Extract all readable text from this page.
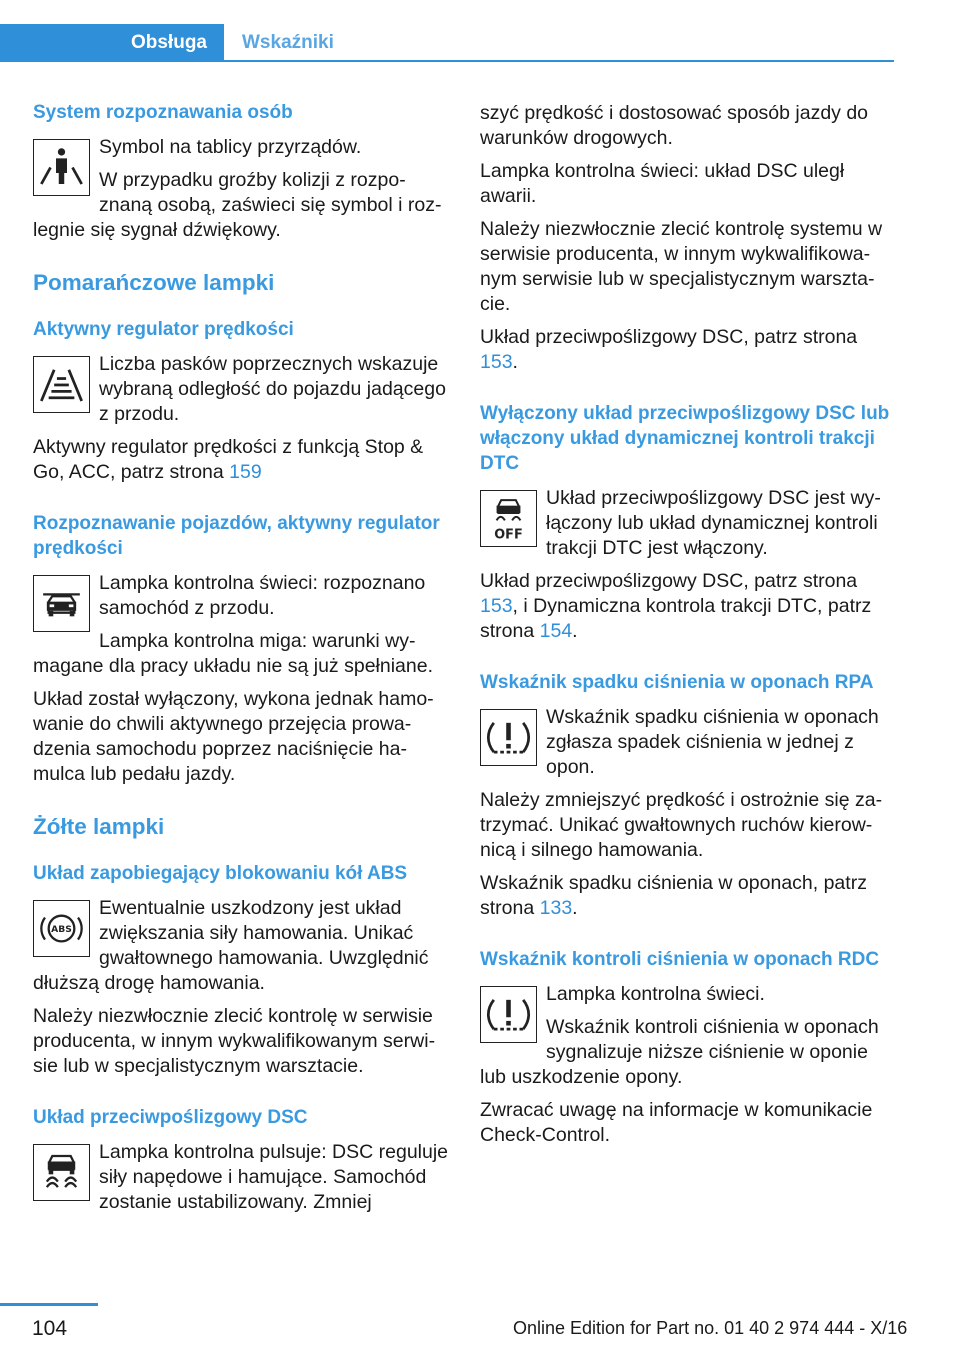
Obsługa	Wskaźniki
System rozpoznawania osób

Symbol na tablicy przyrządów.

W przypadku groźby kolizji z rozpoznaną osobą, zaświeci się symbol i rozlegnie się sygnał dźwiękowy.

Pomarańczowe lampki
Aktywny regulator prędkości

Liczba pasków poprzecznych wskazuje wybraną odległość do pojazdu jadącego z przodu.

Aktywny regulator prędkości z funkcją Stop & Go, ACC, patrz strona 159

Rozpoznawanie pojazdów, aktywny regulator prędkości

Lampka kontrolna świeci: rozpoznano samochód z przodu.

Lampka kontrolna miga: warunki wymagane dla pracy układu nie są już spełniane.

Układ został wyłączony, wykona jednak hamowanie do chwili aktywnego przejęcia prowadzenia samochodu poprzez naciśnięcie hamulca lub pedału jazdy.

Żółte lampki
Układ zapobiegający blokowaniu kół ABS
ABS

Ewentualnie uszkodzony jest układ zwiększania siły hamowania. Unikać gwałtownego hamowania. Uwzględnić dłuższą drogę hamowania.

Należy niezwłocznie zlecić kontrolę w serwisie producenta, w innym wykwalifikowanym serwisie lub w specjalistycznym warsztacie.

Układ przeciwpoślizgowy DSC

Lampka kontrolna pulsuje: DSC reguluje siły napędowe i hamujące. Samochód zostanie ustabilizowany. Zmniej

szyć prędkość i dostosować sposób jazdy do warunków drogowych.

Lampka kontrolna świeci: układ DSC uległ awarii.

Należy niezwłocznie zlecić kontrolę systemu w serwisie producenta, w innym wykwalifikowanym serwisie lub w specjalistycznym warsztacie.

Układ przeciwpoślizgowy DSC, patrz strona 153.

Wyłączony układ przeciwpoślizgowy DSC lub włączony układ dynamicznej kontroli trakcji DTC
OFF

Układ przeciwpoślizgowy DSC jest wyłączony lub układ dynamicznej kontroli trakcji DTC jest włączony.

Układ przeciwpoślizgowy DSC, patrz strona 153, i Dynamiczna kontrola trakcji DTC, patrz strona 154.

Wskaźnik spadku ciśnienia w oponach RPA

Wskaźnik spadku ciśnienia w oponach zgłasza spadek ciśnienia w jednej z opon.

Należy zmniejszyć prędkość i ostrożnie się zatrzymać. Unikać gwałtownych ruchów kierownicą i silnego hamowania.

Wskaźnik spadku ciśnienia w oponach, patrz strona 133.

Wskaźnik kontroli ciśnienia w oponach RDC

Lampka kontrolna świeci.

Wskaźnik kontroli ciśnienia w oponach sygnalizuje niższe ciśnienie w oponie lub uszkodzenie opony.

Zwracać uwagę na informacje w komunikacie Check-Control.

104	Online Edition for Part no. 01 40 2 974 444 - X/16
